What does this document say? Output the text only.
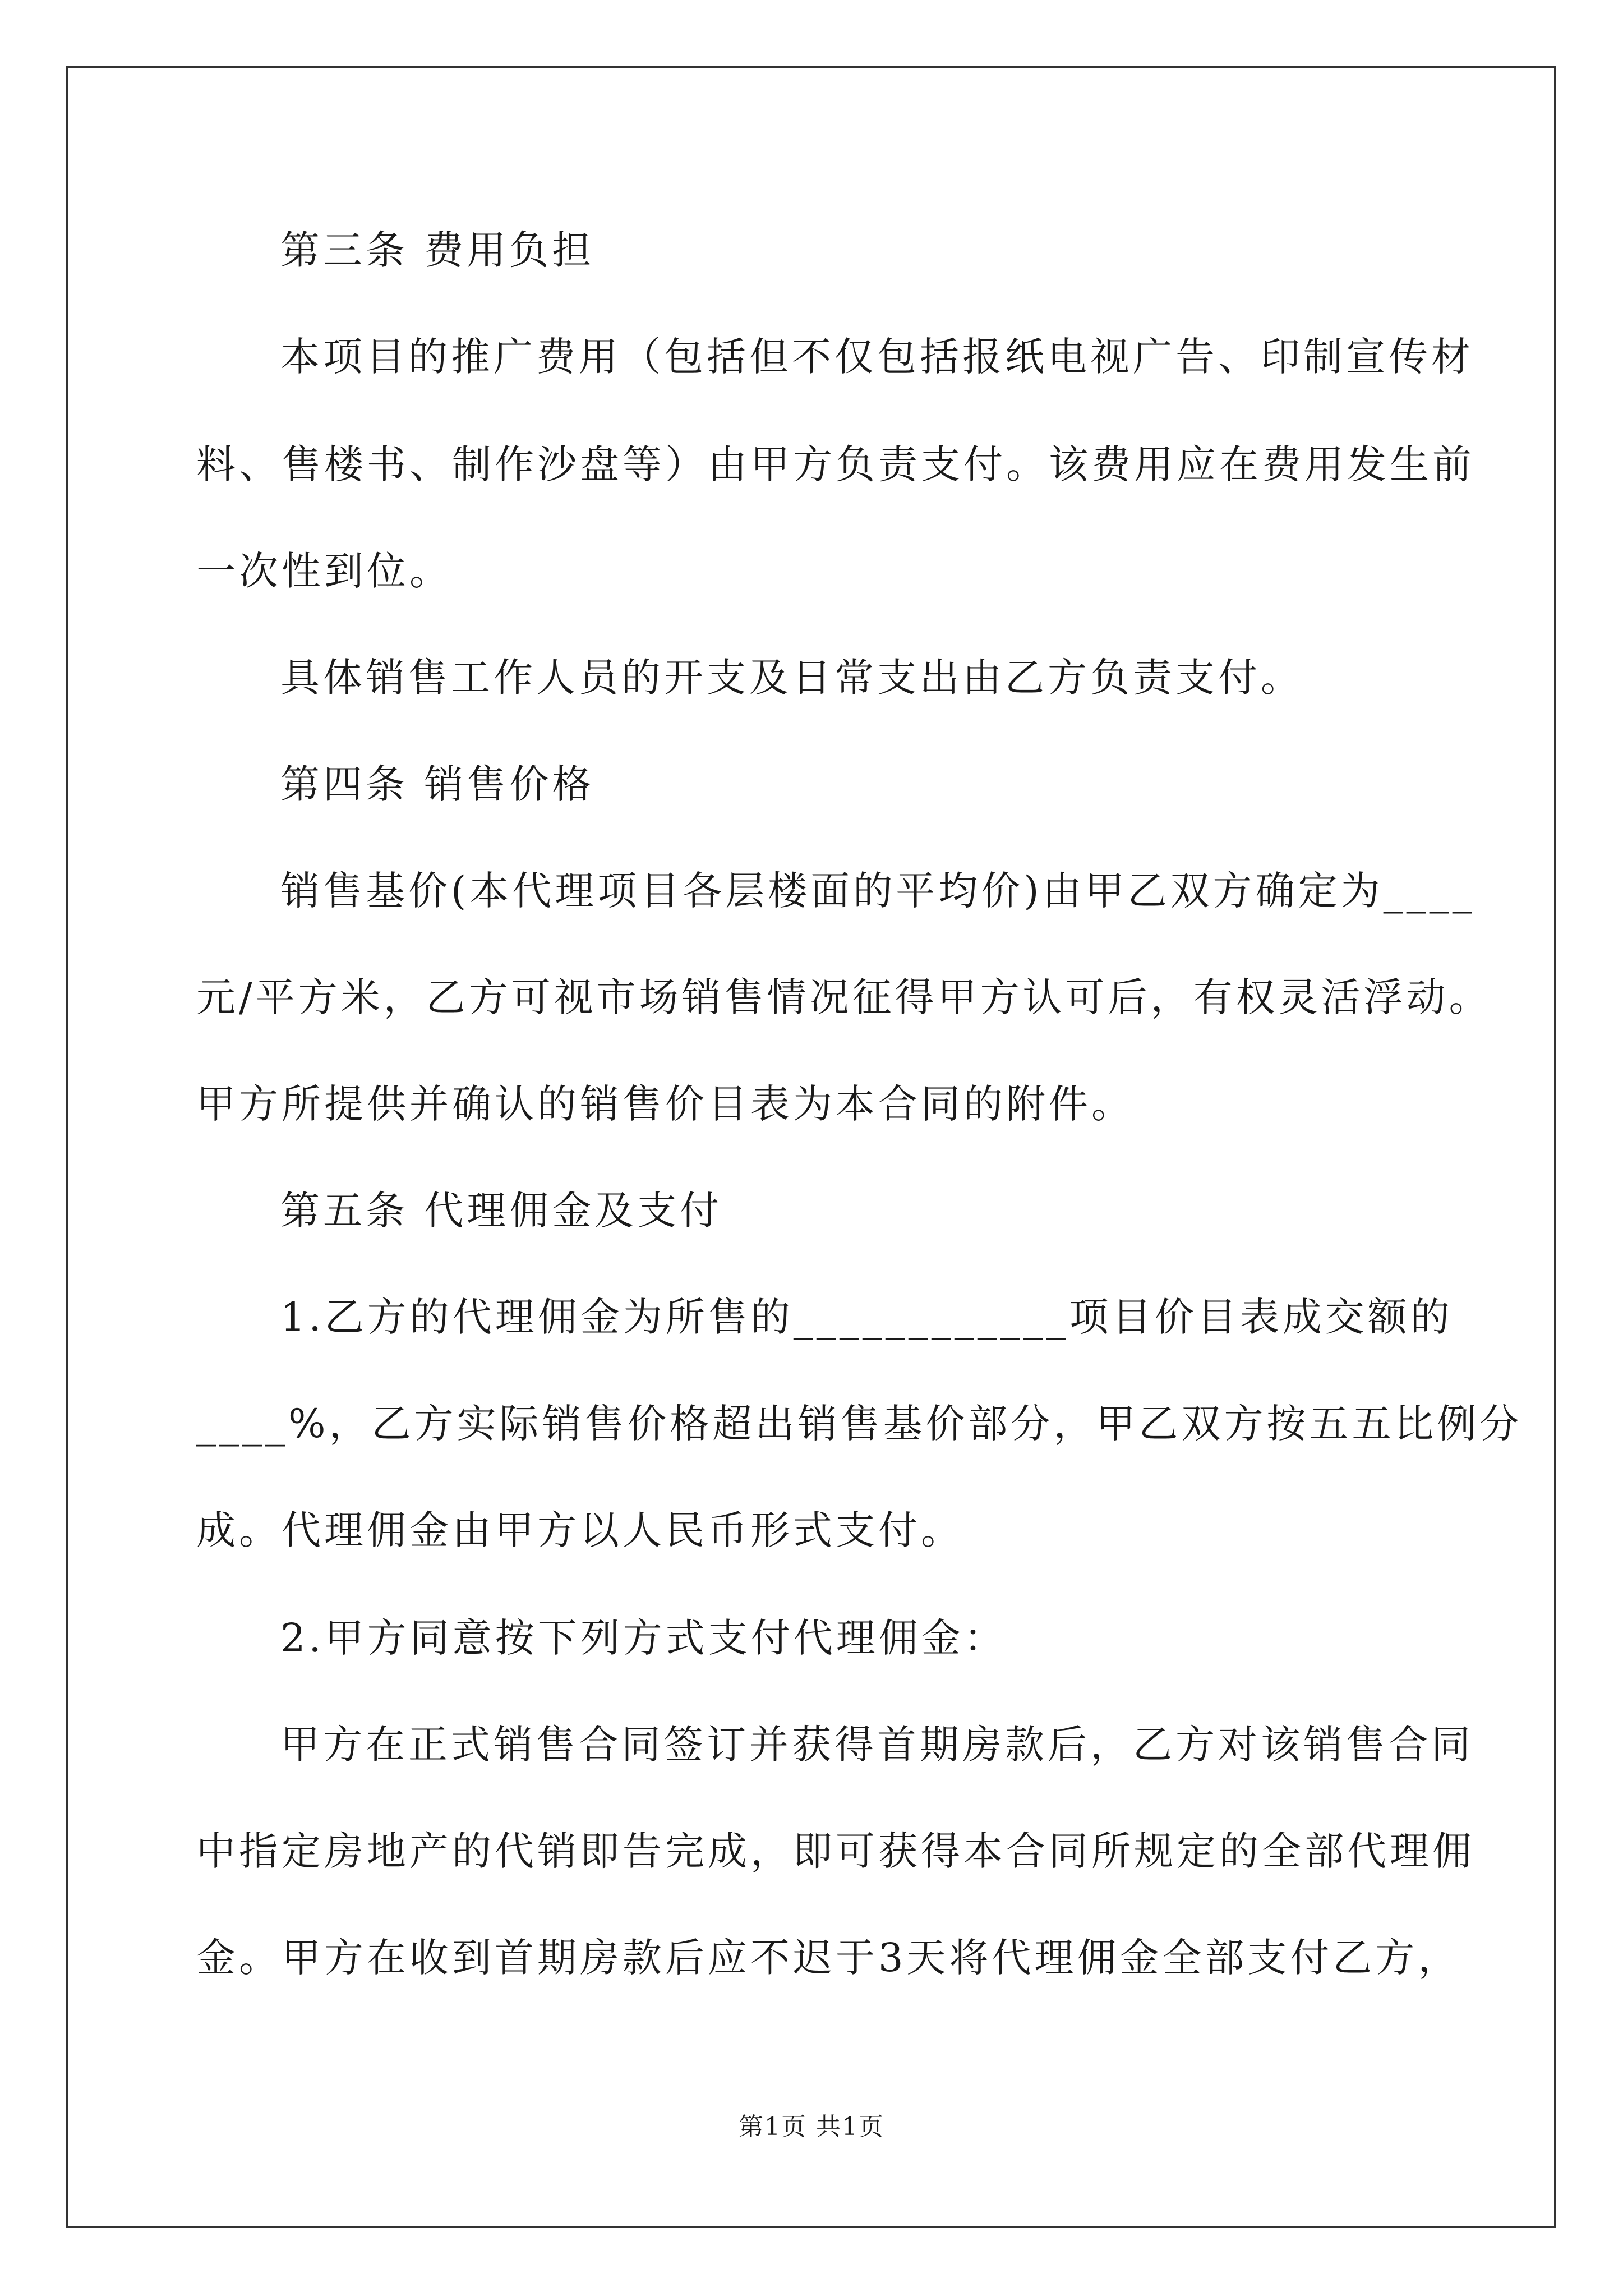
第三条 费用负担

本项目的推广费用（包括但不仅包括报纸电视广告、印制宣传材

料、售楼书、制作沙盘等）由甲方负责支付。该费用应在费用发生前

一次性到位。

具体销售工作人员的开支及日常支出由乙方负责支付。

第四条 销售价格

销售基价(本代理项目各层楼面的平均价)由甲乙双方确定为____

元/平方米，乙方可视市场销售情况征得甲方认可后，有权灵活浮动。

甲方所提供并确认的销售价目表为本合同的附件。

第五条 代理佣金及支付

1.乙方的代理佣金为所售的____________项目价目表成交额的

____%，乙方实际销售价格超出销售基价部分，甲乙双方按五五比例分

成。代理佣金由甲方以人民币形式支付。

2.甲方同意按下列方式支付代理佣金：

甲方在正式销售合同签订并获得首期房款后，乙方对该销售合同

中指定房地产的代销即告完成，即可获得本合同所规定的全部代理佣

金。甲方在收到首期房款后应不迟于3天将代理佣金全部支付乙方，

第1页 共1页
